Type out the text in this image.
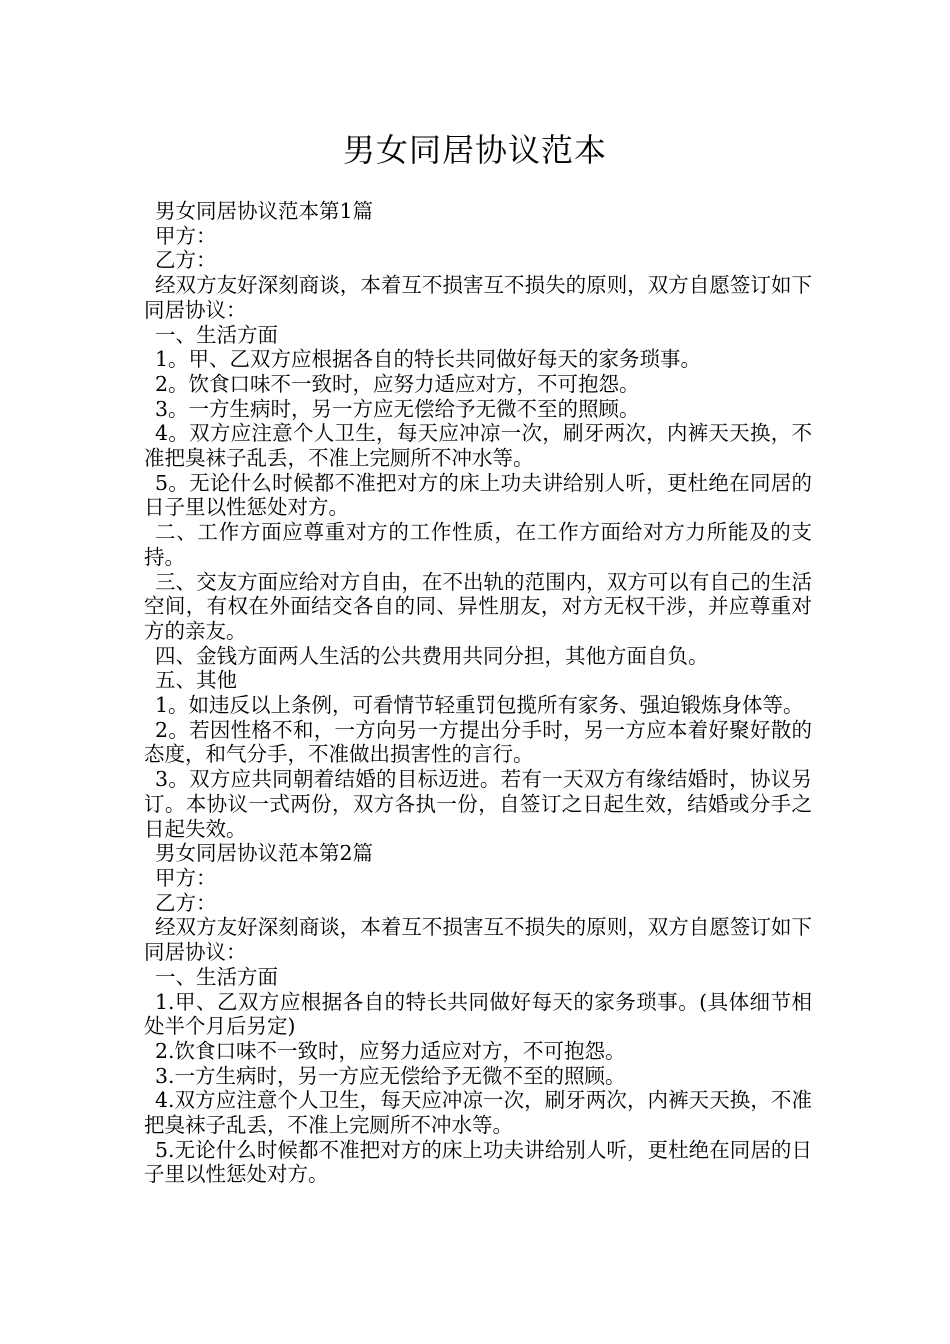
男女同居协议范本

男女同居协议范本第1篇

甲方：

乙方：

经双方友好深刻商谈，本着互不损害互不损失的原则，双方自愿签订如下同居协议：

一、生活方面

1。甲、乙双方应根据各自的特长共同做好每天的家务琐事。

2。饮食口味不一致时，应努力适应对方，不可抱怨。

3。一方生病时，另一方应无偿给予无微不至的照顾。

4。双方应注意个人卫生，每天应冲凉一次，刷牙两次，内裤天天换，不准把臭袜子乱丢，不准上完厕所不冲水等。

5。无论什么时候都不准把对方的床上功夫讲给别人听，更杜绝在同居的日子里以性惩处对方。

二、工作方面应尊重对方的工作性质，在工作方面给对方力所能及的支持。

三、交友方面应给对方自由，在不出轨的范围内，双方可以有自己的生活空间，有权在外面结交各自的同、异性朋友，对方无权干涉，并应尊重对方的亲友。

四、金钱方面两人生活的公共费用共同分担，其他方面自负。

五、其他

1。如违反以上条例，可看情节轻重罚包揽所有家务、强迫锻炼身体等。

2。若因性格不和，一方向另一方提出分手时，另一方应本着好聚好散的态度，和气分手，不准做出损害性的言行。

3。双方应共同朝着结婚的目标迈进。若有一天双方有缘结婚时，协议另订。本协议一式两份，双方各执一份，自签订之日起生效，结婚或分手之日起失效。

男女同居协议范本第2篇

甲方：

乙方：

经双方友好深刻商谈，本着互不损害互不损失的原则，双方自愿签订如下同居协议：

一、生活方面

1.甲、乙双方应根据各自的特长共同做好每天的家务琐事。(具体细节相处半个月后另定)

2.饮食口味不一致时，应努力适应对方，不可抱怨。

3.一方生病时，另一方应无偿给予无微不至的照顾。

4.双方应注意个人卫生，每天应冲凉一次，刷牙两次，内裤天天换，不准把臭袜子乱丢，不准上完厕所不冲水等。

5.无论什么时候都不准把对方的床上功夫讲给别人听，更杜绝在同居的日子里以性惩处对方。
